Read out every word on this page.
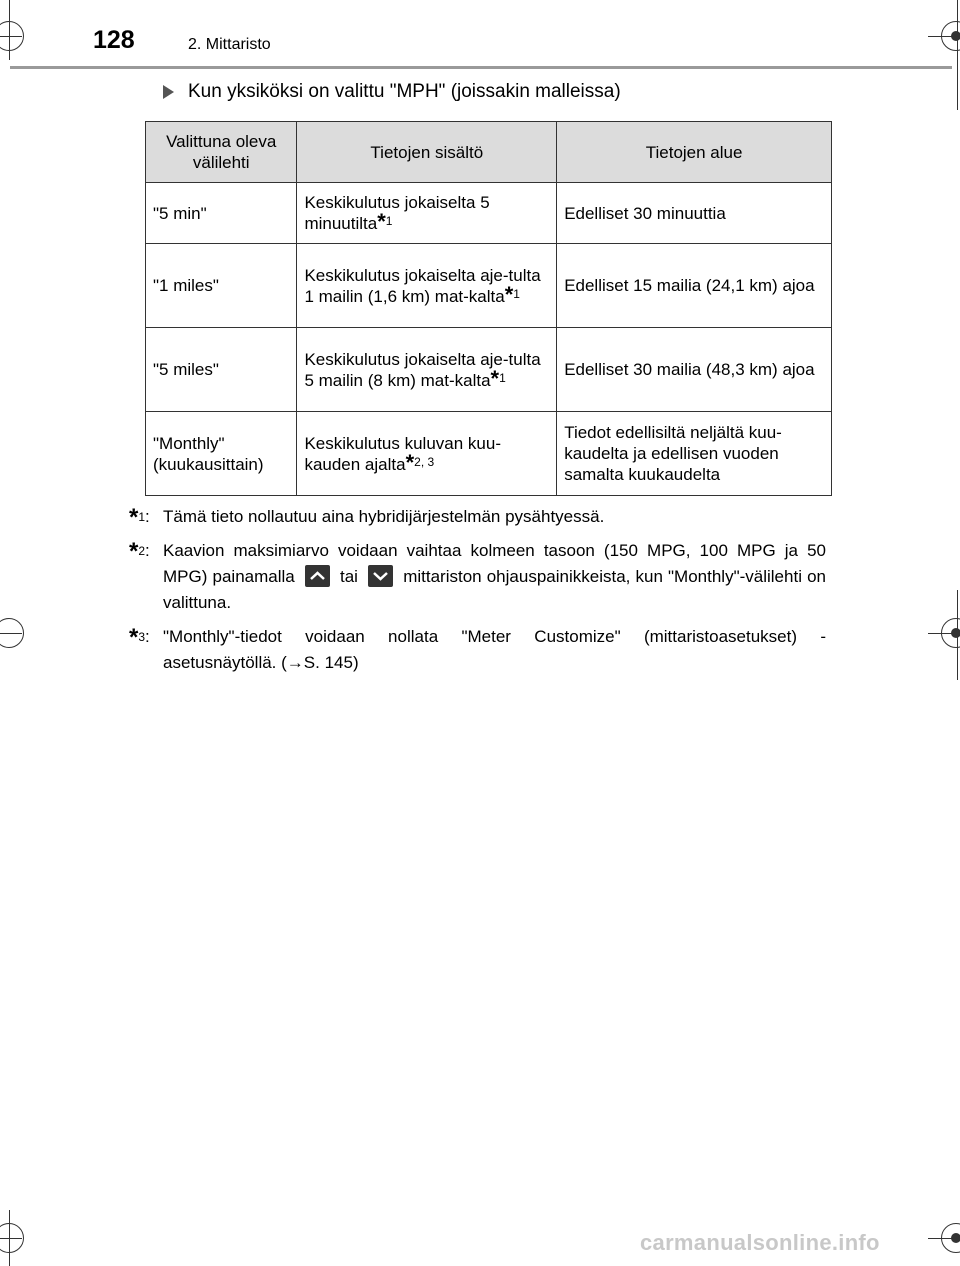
128	2. Mittaristo
Kun yksiköksi on valittu "MPH" (joissakin malleissa)
Valittuna oleva välilehti	Tietojen sisältö	Tietojen alue
"5 min"	Keskikulutus jokaiselta 5 minuutilta*$^1$	Edelliset 30 minuuttia
"1 miles"	Keskikulutus jokaiselta aje-tulta 1 mailin (1,6 km) mat-kalta*$^1$	Edelliset 15 mailia (24,1 km) ajoa
"5 miles"	Keskikulutus jokaiselta aje-tulta 5 mailin (8 km) mat-kalta*$^1$	Edelliset 30 mailia (48,3 km) ajoa
"Monthly" (kuukausittain)	Keskikulutus kuluvan kuu-kauden ajalta*$^{2, 3}$	Tiedot edellisiltä neljältä kuu-kaudelta ja edellisen vuoden samalta kuukaudelta
*$^1$: Tämä tieto nollautuu aina hybridijärjestelmän pysähtyessä.
*$^2$: Kaavion maksimiarvo voidaan vaihtaa kolmeen tasoon (150 MPG, 100 MPG ja 50 MPG) painamalla	tai	mittariston ohjauspainikkeista, kun "Monthly"-välilehti on valittuna.
*$^3$: "Monthly"-tiedot voidaan nollata "Meter Customize" (mittaristoasetukset) -asetusnäytöllä. (→S. 145)
carmanualsonline.info
